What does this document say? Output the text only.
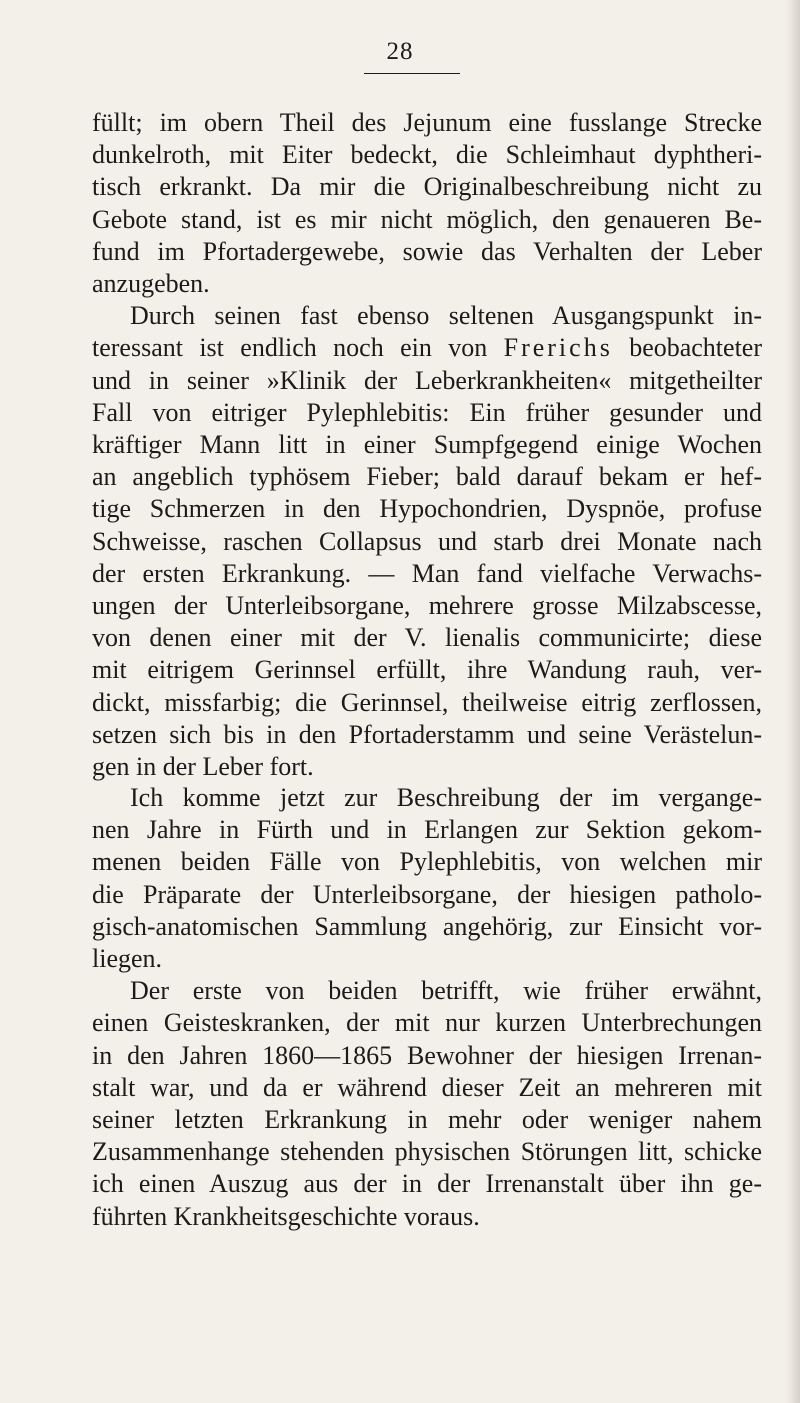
28
füllt; im obern Theil des Jejunum eine fusslange Strecke
dunkelroth, mit Eiter bedeckt, die Schleimhaut dyphtheri-
tisch erkrankt. Da mir die Originalbeschreibung nicht zu
Gebote stand, ist es mir nicht möglich, den genaueren Be-
fund im Pfortadergewebe, sowie das Verhalten der Leber
anzugeben.
Durch seinen fast ebenso seltenen Ausgangspunkt in-
teressant ist endlich noch ein von Frerichs beobachteter
und in seiner »Klinik der Leberkrankheiten« mitgetheilter
Fall von eitriger Pylephlebitis: Ein früher gesunder und
kräftiger Mann litt in einer Sumpfgegend einige Wochen
an angeblich typhösem Fieber; bald darauf bekam er hef-
tige Schmerzen in den Hypochondrien, Dyspnöe, profuse
Schweisse, raschen Collapsus und starb drei Monate nach
der ersten Erkrankung. — Man fand vielfache Verwachs-
ungen der Unterleibsorgane, mehrere grosse Milzabscesse,
von denen einer mit der V. lienalis communicirte; diese
mit eitrigem Gerinnsel erfüllt, ihre Wandung rauh, ver-
dickt, missfarbig; die Gerinnsel, theilweise eitrig zerflossen,
setzen sich bis in den Pfortaderstamm und seine Verästelun-
gen in der Leber fort.
Ich komme jetzt zur Beschreibung der im vergange-
nen Jahre in Fürth und in Erlangen zur Sektion gekom-
menen beiden Fälle von Pylephlebitis, von welchen mir
die Präparate der Unterleibsorgane, der hiesigen patholo-
gisch-anatomischen Sammlung angehörig, zur Einsicht vor-
liegen.
Der erste von beiden betrifft, wie früher erwähnt,
einen Geisteskranken, der mit nur kurzen Unterbrechungen
in den Jahren 1860—1865 Bewohner der hiesigen Irrenan-
stalt war, und da er während dieser Zeit an mehreren mit
seiner letzten Erkrankung in mehr oder weniger nahem
Zusammenhange stehenden physischen Störungen litt, schicke
ich einen Auszug aus der in der Irrenanstalt über ihn ge-
führten Krankheitsgeschichte voraus.
